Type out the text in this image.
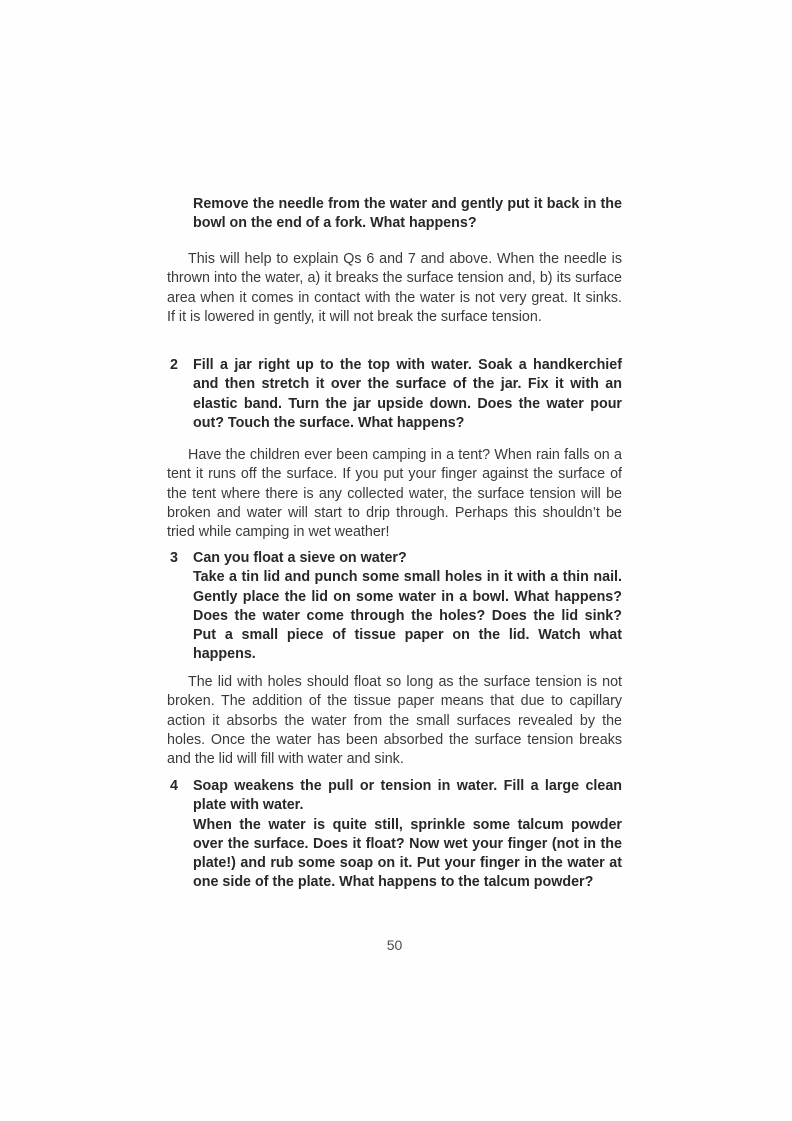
Remove the needle from the water and gently put it back in the bowl on the end of a fork. What happens?

This will help to explain Qs 6 and 7 and above. When the needle is thrown into the water, a) it breaks the surface tension and, b) its surface area when it comes in contact with the water is not very great. It sinks. If it is lowered in gently, it will not break the surface tension.

2 Fill a jar right up to the top with water. Soak a handkerchief and then stretch it over the surface of the jar. Fix it with an elastic band. Turn the jar upside down. Does the water pour out? Touch the surface. What happens?

Have the children ever been camping in a tent? When rain falls on a tent it runs off the surface. If you put your finger against the surface of the tent where there is any collected water, the surface tension will be broken and water will start to drip through. Perhaps this shouldn’t be tried while camping in wet weather!

3 Can you float a sieve on water?

Take a tin lid and punch some small holes in it with a thin nail. Gently place the lid on some water in a bowl. What happens? Does the water come through the holes? Does the lid sink? Put a small piece of tissue paper on the lid. Watch what happens.

The lid with holes should float so long as the surface tension is not broken. The addition of the tissue paper means that due to capillary action it absorbs the water from the small surfaces revealed by the holes. Once the water has been absorbed the surface tension breaks and the lid will fill with water and sink.

4 Soap weakens the pull or tension in water. Fill a large clean plate with water.

When the water is quite still, sprinkle some talcum powder over the surface. Does it float? Now wet your finger (not in the plate!) and rub some soap on it. Put your finger in the water at one side of the plate. What happens to the talcum powder?

50
